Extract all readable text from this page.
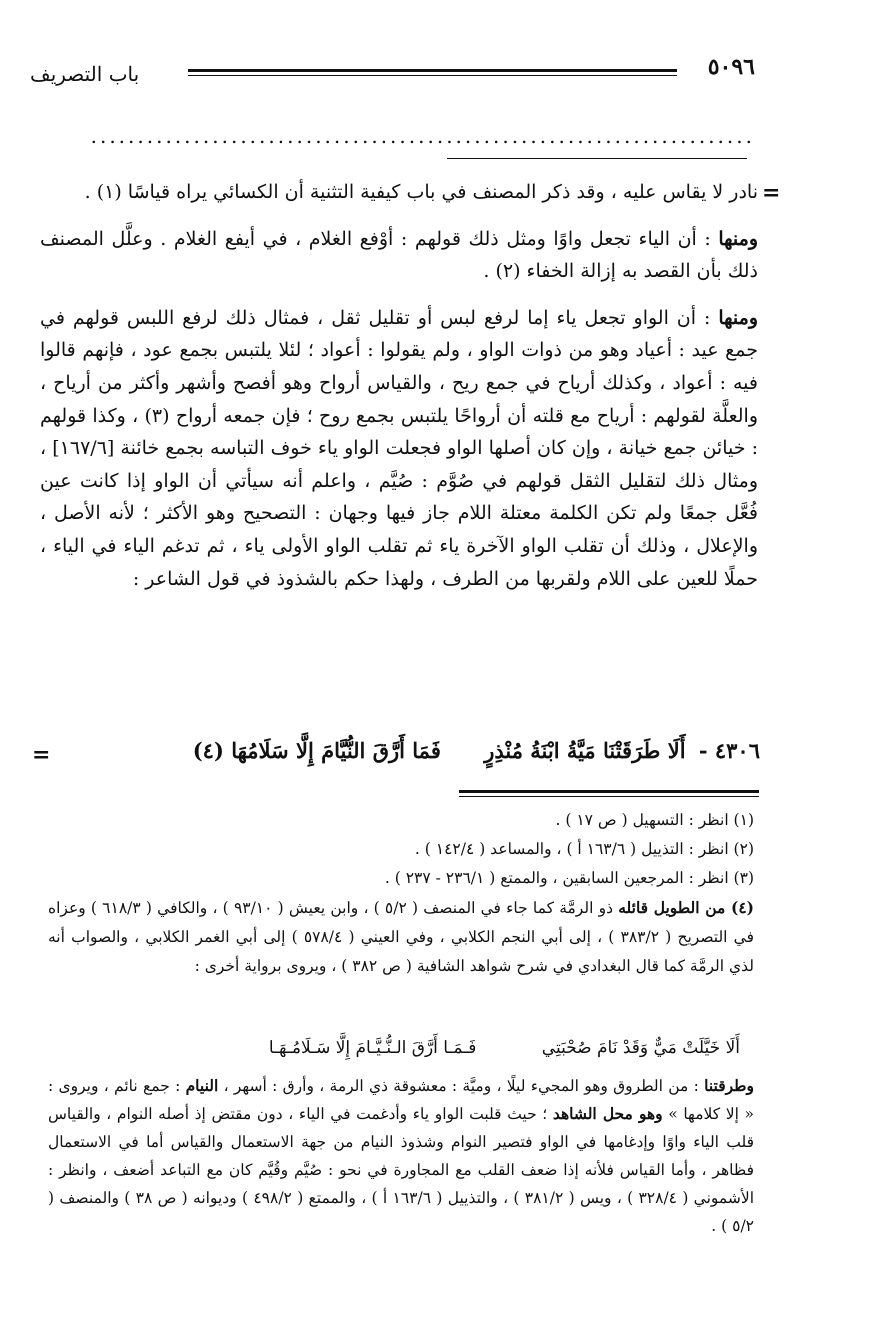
٥٠٩٦
باب التصريف
.......................................................................
=

نادر لا يقاس عليه ، وقد ذكر المصنف في باب كيفية التثنية أن الكسائي يراه قياسًا (١) .

ومنها : أن الياء تجعل واوًا ومثل ذلك قولهم : أوْفع الغلام ، في أيفع الغلام . وعلَّل المصنف ذلك بأن القصد به إزالة الخفاء (٢) .

ومنها : أن الواو تجعل ياء إما لرفع لبس أو تقليل ثقل ، فمثال ذلك لرفع اللبس قولهم في جمع عيد : أعياد وهو من ذوات الواو ، ولم يقولوا : أعواد ؛ لئلا يلتبس بجمع عود ، فإنهم قالوا فيه : أعواد ، وكذلك أرياح في جمع ريح ، والقياس أرواح وهو أفصح وأشهر وأكثر من أرياح ، والعلَّة لقولهم : أرياح مع قلته أن أرواحًا يلتبس بجمع روح ؛ فإن جمعه أرواح (٣) ، وكذا قولهم : خيائن جمع خيانة ، وإن كان أصلها الواو فجعلت الواو ياء خوف التباسه بجمع خائنة [١٦٧/٦] ، ومثال ذلك لتقليل الثقل قولهم في صُوَّم : صُيَّم ، واعلم أنه سيأتي أن الواو إذا كانت عين فُعَّل جمعًا ولم تكن الكلمة معتلة اللام جاز فيها وجهان : التصحيح وهو الأكثر ؛ لأنه الأصل ، والإعلال ، وذلك أن تقلب الواو الآخرة ياء ثم تقلب الواو الأولى ياء ، ثم تدغم الياء في الياء ، حملًا للعين على اللام ولقربها من الطرف ، ولهذا حكم بالشذوذ في قول الشاعر :

٤٣٠٦ - أَلَا طَرَقَتْنَا مَيَّةُ ابْنَةُ مُنْذِرٍ فَمَا أَرَّقَ النُّيَّامَ إِلَّا سَلَامُهَا (٤)
=

(١) انظر : التسهيل ( ص ١٧ ) .

(٢) انظر : التذييل ( ١٦٣/٦ أ ) ، والمساعد ( ١٤٢/٤ ) .

(٣) انظر : المرجعين السابقين ، والممتع ( ٢٣٦/١ - ٢٣٧ ) .

(٤) من الطويل قائله ذو الرمَّة كما جاء في المنصف ( ٥/٢ ) ، وابن يعيش ( ٩٣/١٠ ) ، والكافي ( ٦١٨/٣ ) وعزاه في التصريح ( ٣٨٣/٢ ) ، إلى أبي النجم الكلابي ، وفي العيني ( ٥٧٨/٤ ) إلى أبي الغمر الكلابي ، والصواب أنه لذي الرمَّة كما قال البغدادي في شرح شواهد الشافية ( ص ٣٨٢ ) ، ويروى برواية أخرى :

أَلَا خَيَّلَتْ مَيٌّ وَقَدْ نَامَ صُحْبَتِي فَـمَـا أَرَّقَ الـنُّـيَّـامَ إِلَّا سَـلَامُـهَـا

وطرقتنا : من الطروق وهو المجيء ليلًا ، وميَّة : معشوقة ذي الرمة ، وأرق : أسهر ، النيام : جمع نائم ، ويروى : « إلا كلامها » وهو محل الشاهد ؛ حيث قلبت الواو ياء وأدغمت في الياء ، دون مقتض إذ أصله النوام ، والقياس قلب الياء واوًا وإدغامها في الواو فتصير النوام وشذوذ النيام من جهة الاستعمال والقياس أما في الاستعمال فظاهر ، وأما القياس فلأنه إذا ضعف القلب مع المجاورة في نحو : صُيَّم وقُيَّم كان مع التباعد أضعف ، وانظر : الأشموني ( ٣٢٨/٤ ) ، ويس ( ٣٨١/٢ ) ، والتذييل ( ١٦٣/٦ أ ) ، والممتع ( ٤٩٨/٢ ) وديوانه ( ص ٣٨ ) والمنصف ( ٥/٢ ) .
